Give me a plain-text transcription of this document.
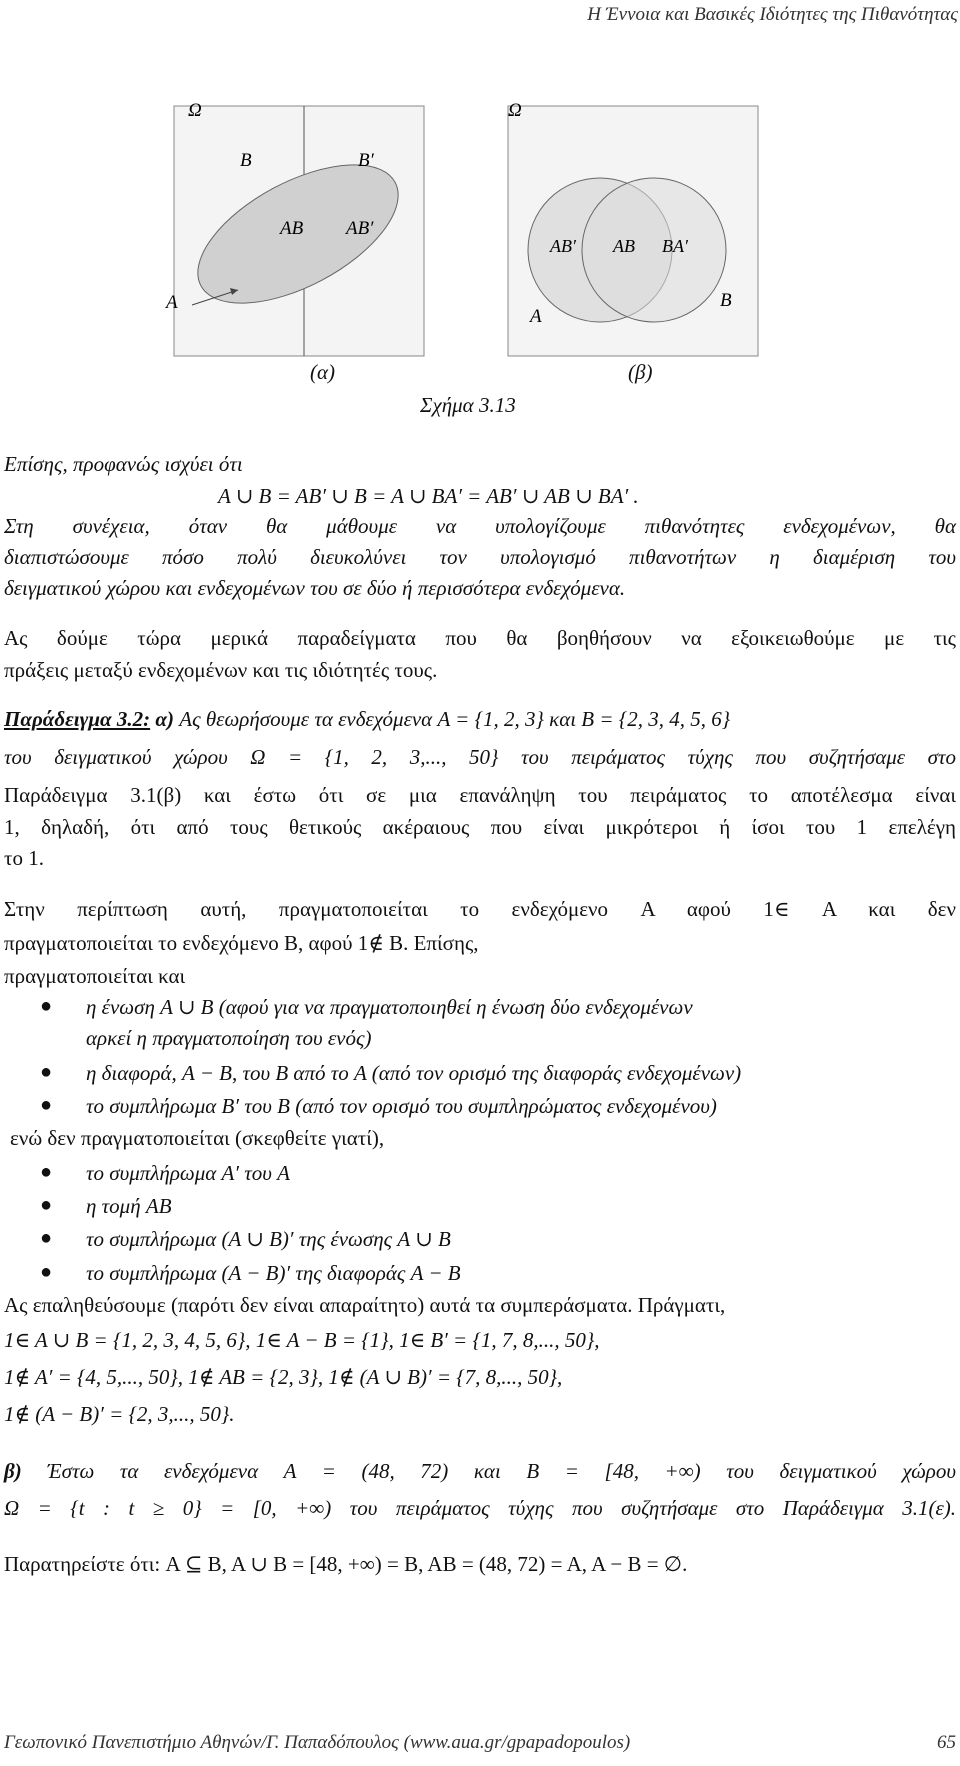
Η Έννοια και Βασικές Ιδιότητες της Πιθανότητας
Ω
B	B′
AB AB′
A
Ω
AB′ AB BA′
A
B
(α)	(β)
Σχήμα 3.13
Επίσης, προφανώς ισχύει ότι
A ∪ B = AB′ ∪ B = A ∪ BA′ = AB′ ∪ AB ∪ BA′ .
Στη συνέχεια, όταν θα μάθουμε να υπολογίζουμε πιθανότητες ενδεχομένων, θα
διαπιστώσουμε πόσο πολύ διευκολύνει τον υπολογισμό πιθανοτήτων η διαμέριση του
δειγματικού χώρου και ενδεχομένων του σε δύο ή περισσότερα ενδεχόμενα.
Ας δούμε τώρα μερικά παραδείγματα που θα βοηθήσουν να εξοικειωθούμε με τις
πράξεις μεταξύ ενδεχομένων και τις ιδιότητές τους.
Παράδειγμα 3.2: α) Ας θεωρήσουμε τα ενδεχόμενα A = {1, 2, 3} και B = {2, 3, 4, 5, 6}
του δειγματικού χώρου Ω = {1, 2, 3,..., 50} του πειράματος τύχης που συζητήσαμε στο
Παράδειγμα 3.1(β) και έστω ότι σε μια επανάληψη του πειράματος το αποτέλεσμα είναι
1, δηλαδή, ότι από τους θετικούς ακέραιους που είναι μικρότεροι ή ίσοι του 1 επελέγη
το 1.
Στην περίπτωση αυτή, πραγματοποιείται το ενδεχόμενο A αφού 1∈ A και δεν
πραγματοποιείται το ενδεχόμενο B, αφού 1∉ B. Επίσης,
πραγματοποιείται και
● η ένωση A ∪ B (αφού για να πραγματοποιηθεί η ένωση δύο ενδεχομένων
αρκεί η πραγματοποίηση του ενός)
● η διαφορά, A − B, του B από το A (από τον ορισμό της διαφοράς ενδεχομένων)
● το συμπλήρωμα B′ του B (από τον ορισμό του συμπληρώματος ενδεχομένου)
ενώ δεν πραγματοποιείται (σκεφθείτε γιατί),
● το συμπλήρωμα A′ του A
● η τομή AB
● το συμπλήρωμα (A ∪ B)′ της ένωσης A ∪ B
● το συμπλήρωμα (A − B)′ της διαφοράς A − B
Ας επαληθεύσουμε (παρότι δεν είναι απαραίτητο) αυτά τα συμπεράσματα. Πράγματι,
1∈ A ∪ B = {1, 2, 3, 4, 5, 6}, 1∈ A − B = {1}, 1∈ B′ = {1, 7, 8,..., 50},
1∉ A′ = {4, 5,..., 50}, 1∉ AB = {2, 3}, 1∉ (A ∪ B)′ = {7, 8,..., 50},
1∉ (A − B)′ = {2, 3,..., 50}.
β) Έστω τα ενδεχόμενα A = (48, 72) και B = [48, +∞) του δειγματικού χώρου
Ω = {t : t ≥ 0} = [0, +∞) του πειράματος τύχης που συζητήσαμε στο Παράδειγμα 3.1(ε).
Παρατηρείστε ότι: A ⊆ B, A ∪ B = [48, +∞) = B, AB = (48, 72) = A, A − B = ∅.
Γεωπονικό Πανεπιστήμιο Αθηνών/Γ. Παπαδόπουλος (www.aua.gr/gpapadopoulos)	65
